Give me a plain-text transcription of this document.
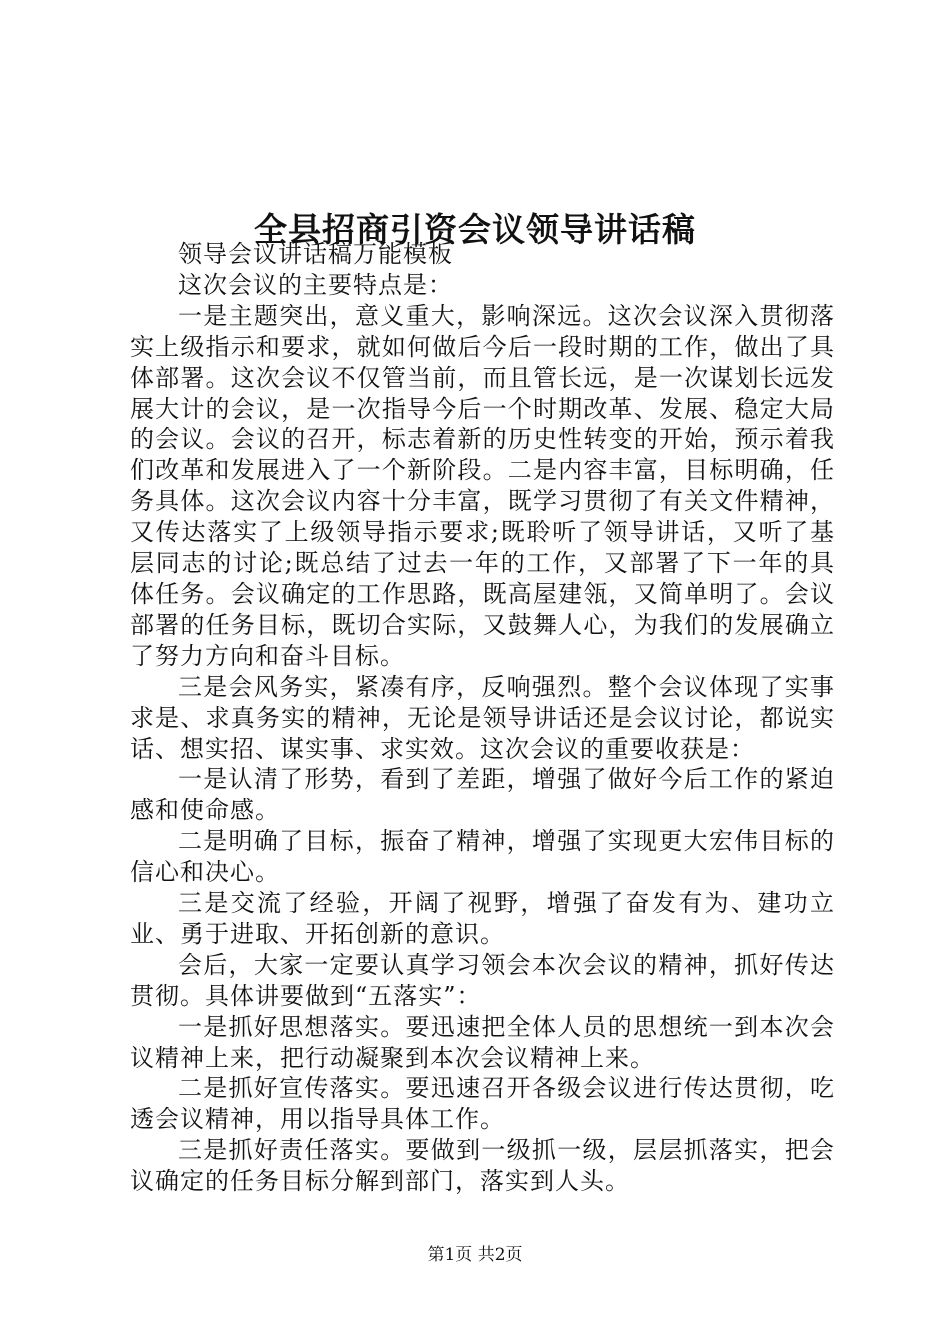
全县招商引资会议领导讲话稿

领导会议讲话稿万能模板

这次会议的主要特点是：

一是主题突出，意义重大，影响深远。这次会议深入贯彻落实上级指示和要求，就如何做后今后一段时期的工作，做出了具体部署。这次会议不仅管当前，而且管长远，是一次谋划长远发展大计的会议，是一次指导今后一个时期改革、发展、稳定大局的会议。会议的召开，标志着新的历史性转变的开始，预示着我们改革和发展进入了一个新阶段。二是内容丰富，目标明确，任务具体。这次会议内容十分丰富，既学习贯彻了有关文件精神，又传达落实了上级领导指示要求;既聆听了领导讲话，又听了基层同志的讨论;既总结了过去一年的工作，又部署了下一年的具体任务。会议确定的工作思路，既高屋建瓴，又简单明了。会议部署的任务目标，既切合实际，又鼓舞人心，为我们的发展确立了努力方向和奋斗目标。

三是会风务实，紧凑有序，反响强烈。整个会议体现了实事求是、求真务实的精神，无论是领导讲话还是会议讨论，都说实话、想实招、谋实事、求实效。这次会议的重要收获是：

一是认清了形势，看到了差距，增强了做好今后工作的紧迫感和使命感。

二是明确了目标，振奋了精神，增强了实现更大宏伟目标的信心和决心。

三是交流了经验，开阔了视野，增强了奋发有为、建功立业、勇于进取、开拓创新的意识。

会后，大家一定要认真学习领会本次会议的精神，抓好传达贯彻。具体讲要做到“五落实”：

一是抓好思想落实。要迅速把全体人员的思想统一到本次会议精神上来，把行动凝聚到本次会议精神上来。

二是抓好宣传落实。要迅速召开各级会议进行传达贯彻，吃透会议精神，用以指导具体工作。

三是抓好责任落实。要做到一级抓一级，层层抓落实，把会议确定的任务目标分解到部门，落实到人头。

第1页 共2页
